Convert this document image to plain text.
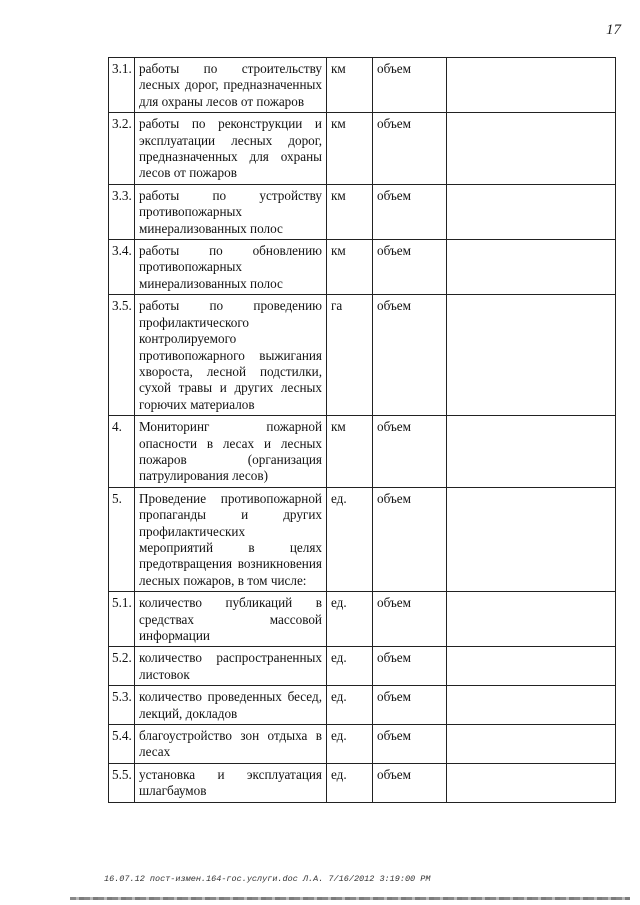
17
3.1.	работы по строительству лесных дорог, предназначенных для охраны лесов от пожаров	км	объем	
3.2.	работы по реконструкции и эксплуатации лесных дорог, предназначенных для охраны лесов от пожаров	км	объем	
3.3.	работы по устройству противопожарных минерализованных полос	км	объем	
3.4.	работы по обновлению противопожарных минерализованных полос	км	объем	
3.5.	работы по проведению профилактического контролируемого противопожарного выжигания хвороста, лесной подстилки, сухой травы и других лесных горючих материалов	га	объем	
4.	Мониторинг пожарной опасности в лесах и лесных пожаров (организация патрулирования лесов)	км	объем	
5.	Проведение противопожарной пропаганды и других профилактических мероприятий в целях предотвращения возникновения лесных пожаров, в том числе:	ед.	объем	
5.1.	количество публикаций в средствах массовой информации	ед.	объем	
5.2.	количество распространенных листовок	ед.	объем	
5.3.	количество проведенных бесед, лекций, докладов	ед.	объем	
5.4.	благоустройство зон отдыха в лесах	ед.	объем	
5.5.	установка и эксплуатация шлагбаумов	ед.	объем	
16.07.12 пост-измен.164-гос.услуги.doc Л.А. 7/16/2012 3:19:00 PM
